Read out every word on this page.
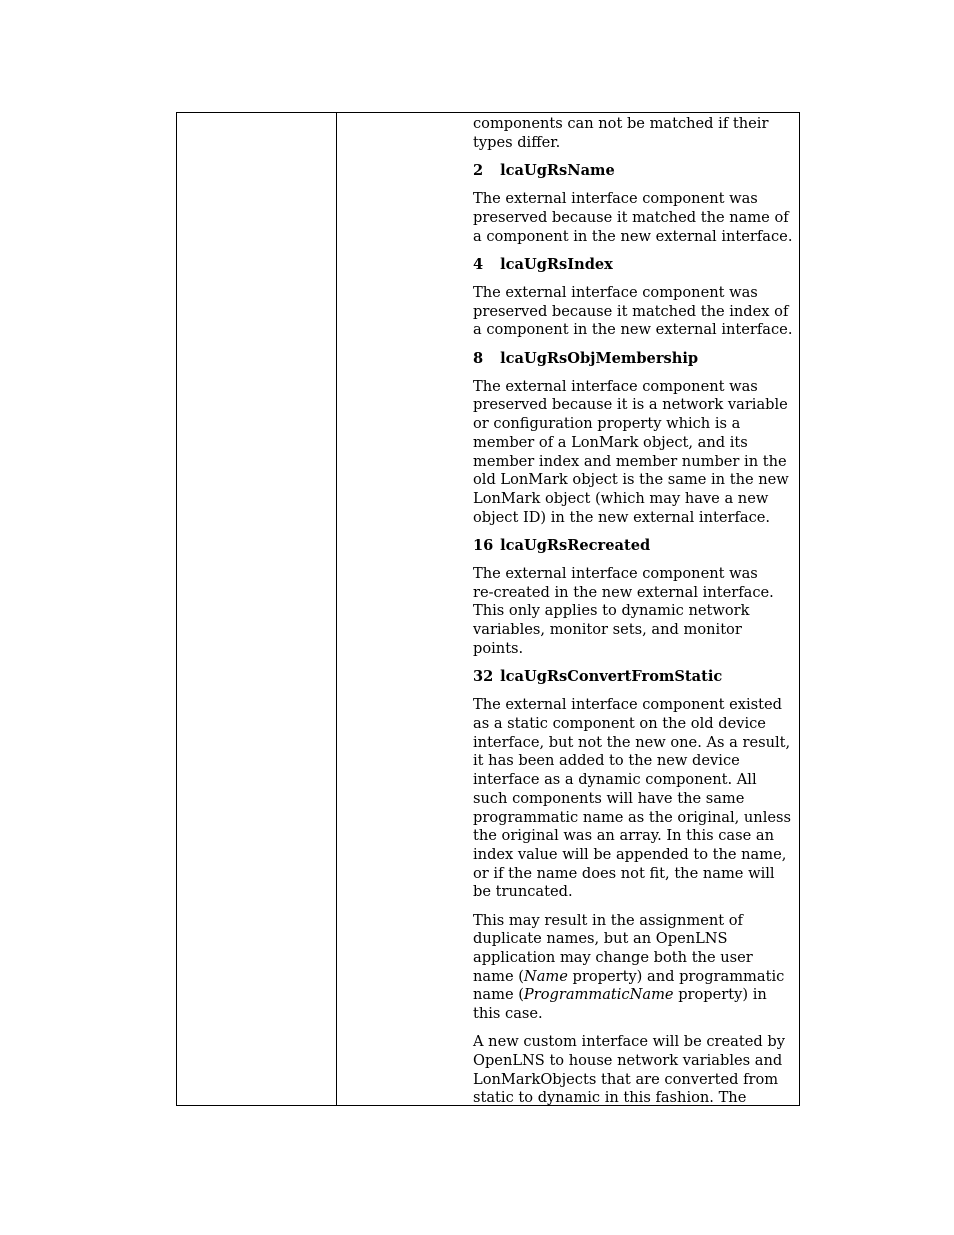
components can not be matched if their
types differ.
2 lcaUgRsName

The external interface component was
preserved because it matched the name of
a component in the new external interface.

4 lcaUgRsIndex

The external interface component was
preserved because it matched the index of
a component in the new external interface.

8 lcaUgRsObjMembership

The external interface component was
preserved because it is a network variable
or configuration property which is a
member of a LonMark object, and its
member index and member number in the
old LonMark object is the same in the new
LonMark object (which may have a new
object ID) in the new external interface.

16 lcaUgRsRecreated

The external interface component was
re-created in the new external interface.
This only applies to dynamic network
variables, monitor sets, and monitor
points.

32 lcaUgRsConvertFromStatic

The external interface component existed
as a static component on the old device
interface, but not the new one. As a result,
it has been added to the new device
interface as a dynamic component. All
such components will have the same
programmatic name as the original, unless
the original was an array. In this case an
index value will be appended to the name,
or if the name does not fit, the name will
be truncated.

This may result in the assignment of
duplicate names, but an OpenLNS
application may change both the user
name (Name property) and programmatic
name (ProgrammaticName property) in
this case.

A new custom interface will be created by
OpenLNS to house network variables and
LonMarkObjects that are converted from
static to dynamic in this fashion. The
